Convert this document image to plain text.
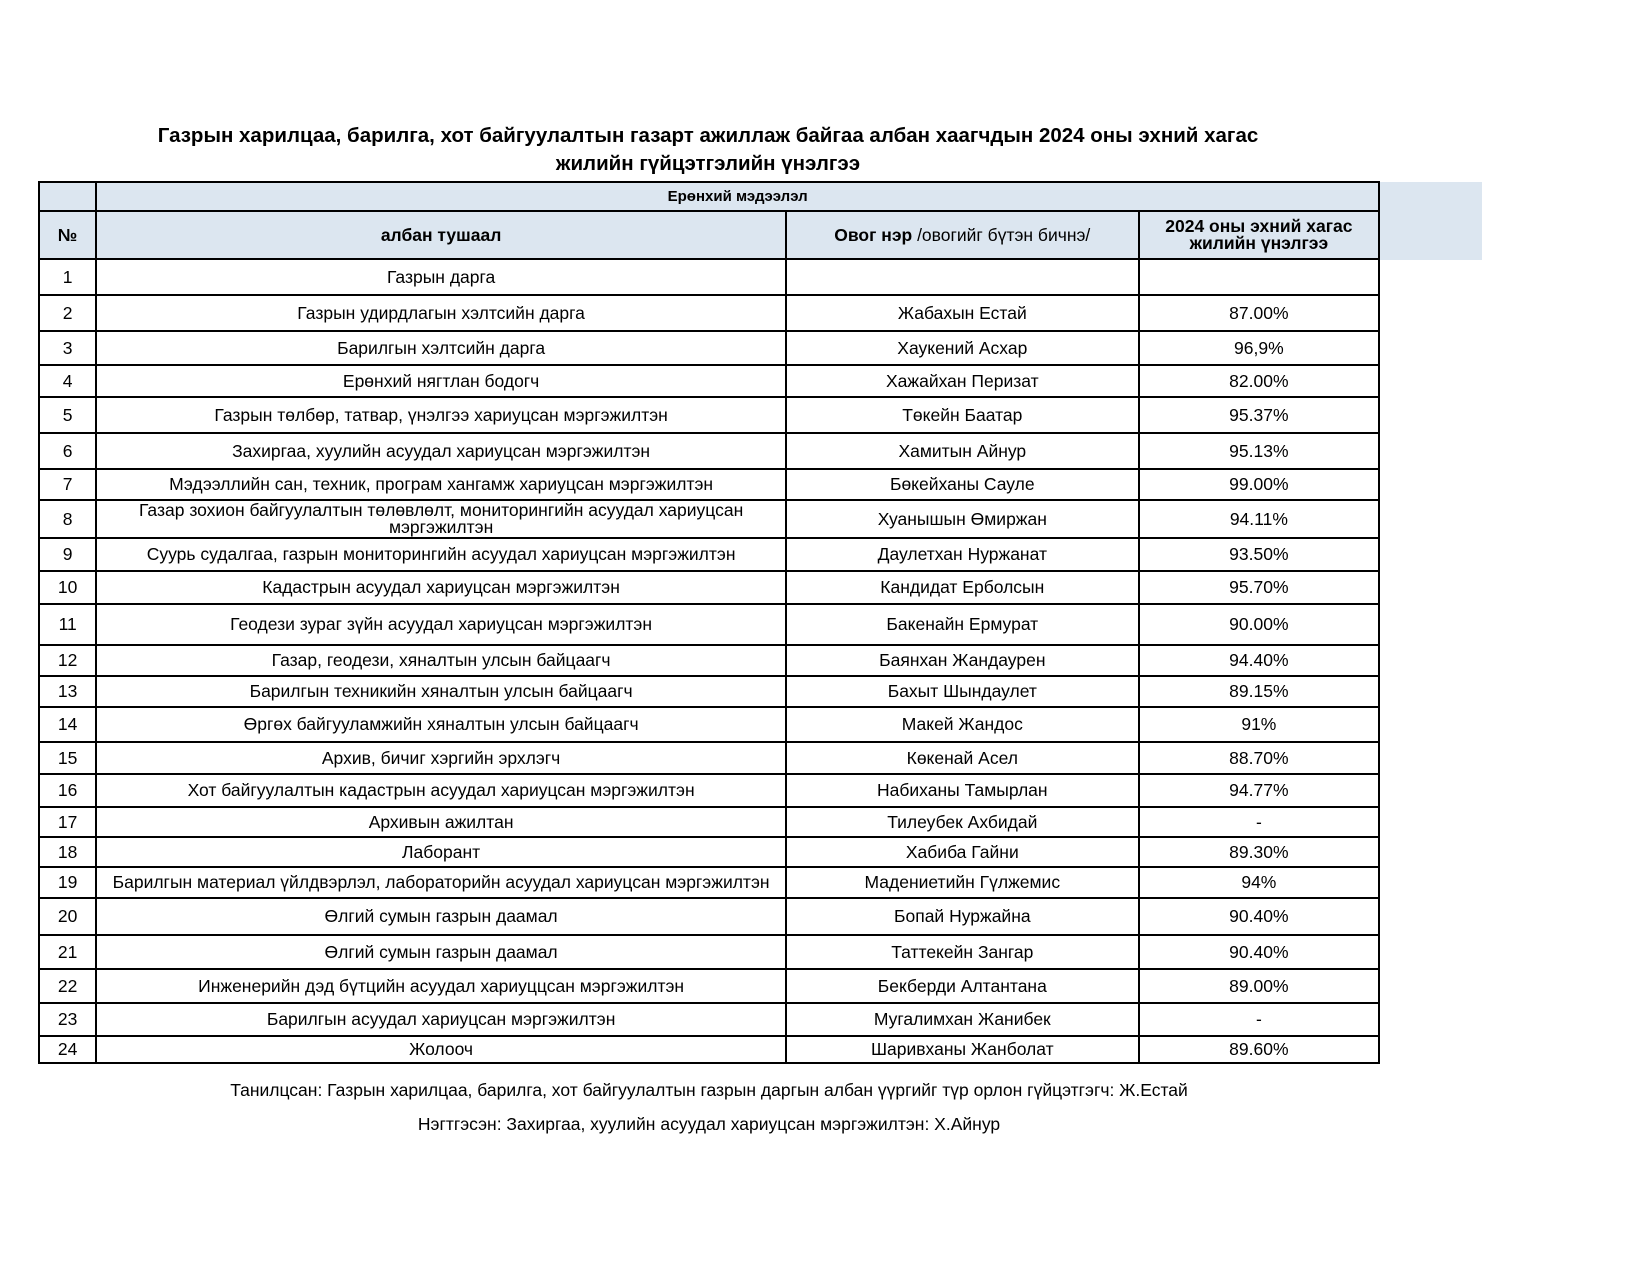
Газрын харилцаа, барилга, хот байгуулалтын газарт ажиллаж байгаа албан хаагчдын 2024 оны эхний хагас
жилийн гүйцэтгэлийн үнэлгээ
	Ерөнхий мэдээлэл		
№	албан тушаал	Овог нэр /овогийг бүтэн бичнэ/	2024 оны эхний хагас жилийн үнэлгээ
1	Газрын дарга		
2	Газрын удирдлагын хэлтсийн дарга	Жабахын Естай	87.00%
3	Барилгын хэлтсийн дарга	Хаукений Асхар	96,9%
4	Ерөнхий нягтлан бодогч	Хажайхан Перизат	82.00%
5	Газрын төлбөр, татвар, үнэлгээ хариуцсан мэргэжилтэн	Төкейн Баатар	95.37%
6	Захиргаа, хуулийн асуудал хариуцсан мэргэжилтэн	Хамитын Айнур	95.13%
7	Мэдээллийн сан, техник, програм хангамж хариуцсан мэргэжилтэн	Бөкейханы Сауле	99.00%
8	Газар зохион байгуулалтын төлөвлөлт, мониторингийн асуудал хариуцсан мэргэжилтэн	Хуанышын Өмиржан	94.11%
9	Суурь судалгаа, газрын мониторингийн асуудал хариуцсан мэргэжилтэн	Даулетхан Нуржанат	93.50%
10	Кадастрын асуудал хариуцсан мэргэжилтэн	Кандидат Ерболсын	95.70%
11	Геодези зураг зүйн асуудал хариуцсан мэргэжилтэн	Бакенайн Ермурат	90.00%
12	Газар, геодези, хяналтын улсын байцаагч	Баянхан Жандаурен	94.40%
13	Барилгын техникийн хяналтын улсын байцаагч	Бахыт Шындаулет	89.15%
14	Өргөх байгууламжийн хяналтын улсын байцаагч	Макей Жандос	91%
15	Архив, бичиг хэргийн эрхлэгч	Көкенай Асел	88.70%
16	Хот байгуулалтын кадастрын асуудал хариуцсан мэргэжилтэн	Набиханы Тамырлан	94.77%
17	Архивын ажилтан	Тилеубек Ахбидай	-
18	Лаборант	Хабиба Гайни	89.30%
19	Барилгын материал үйлдвэрлэл, лабораторийн асуудал хариуцсан мэргэжилтэн	Мадениетийн Гүлжемис	94%
20	Өлгий сумын газрын даамал	Бопай Нуржайна	90.40%
21	Өлгий сумын газрын даамал	Таттекейн Зангар	90.40%
22	Инженерийн дэд бүтцийн асуудал хариуццсан мэргэжилтэн	Бекберди Алтантана	89.00%
23	Барилгын асуудал хариуцсан мэргэжилтэн	Мугалимхан Жанибек	-
24	Жолооч	Шаривханы Жанболат	89.60%
Танилцсан: Газрын харилцаа, барилга, хот байгуулалтын газрын даргын албан үүргийг түр орлон гүйцэтгэгч: Ж.Естай
Нэгтгэсэн: Захиргаа, хуулийн асуудал хариуцсан мэргэжилтэн: Х.Айнур
